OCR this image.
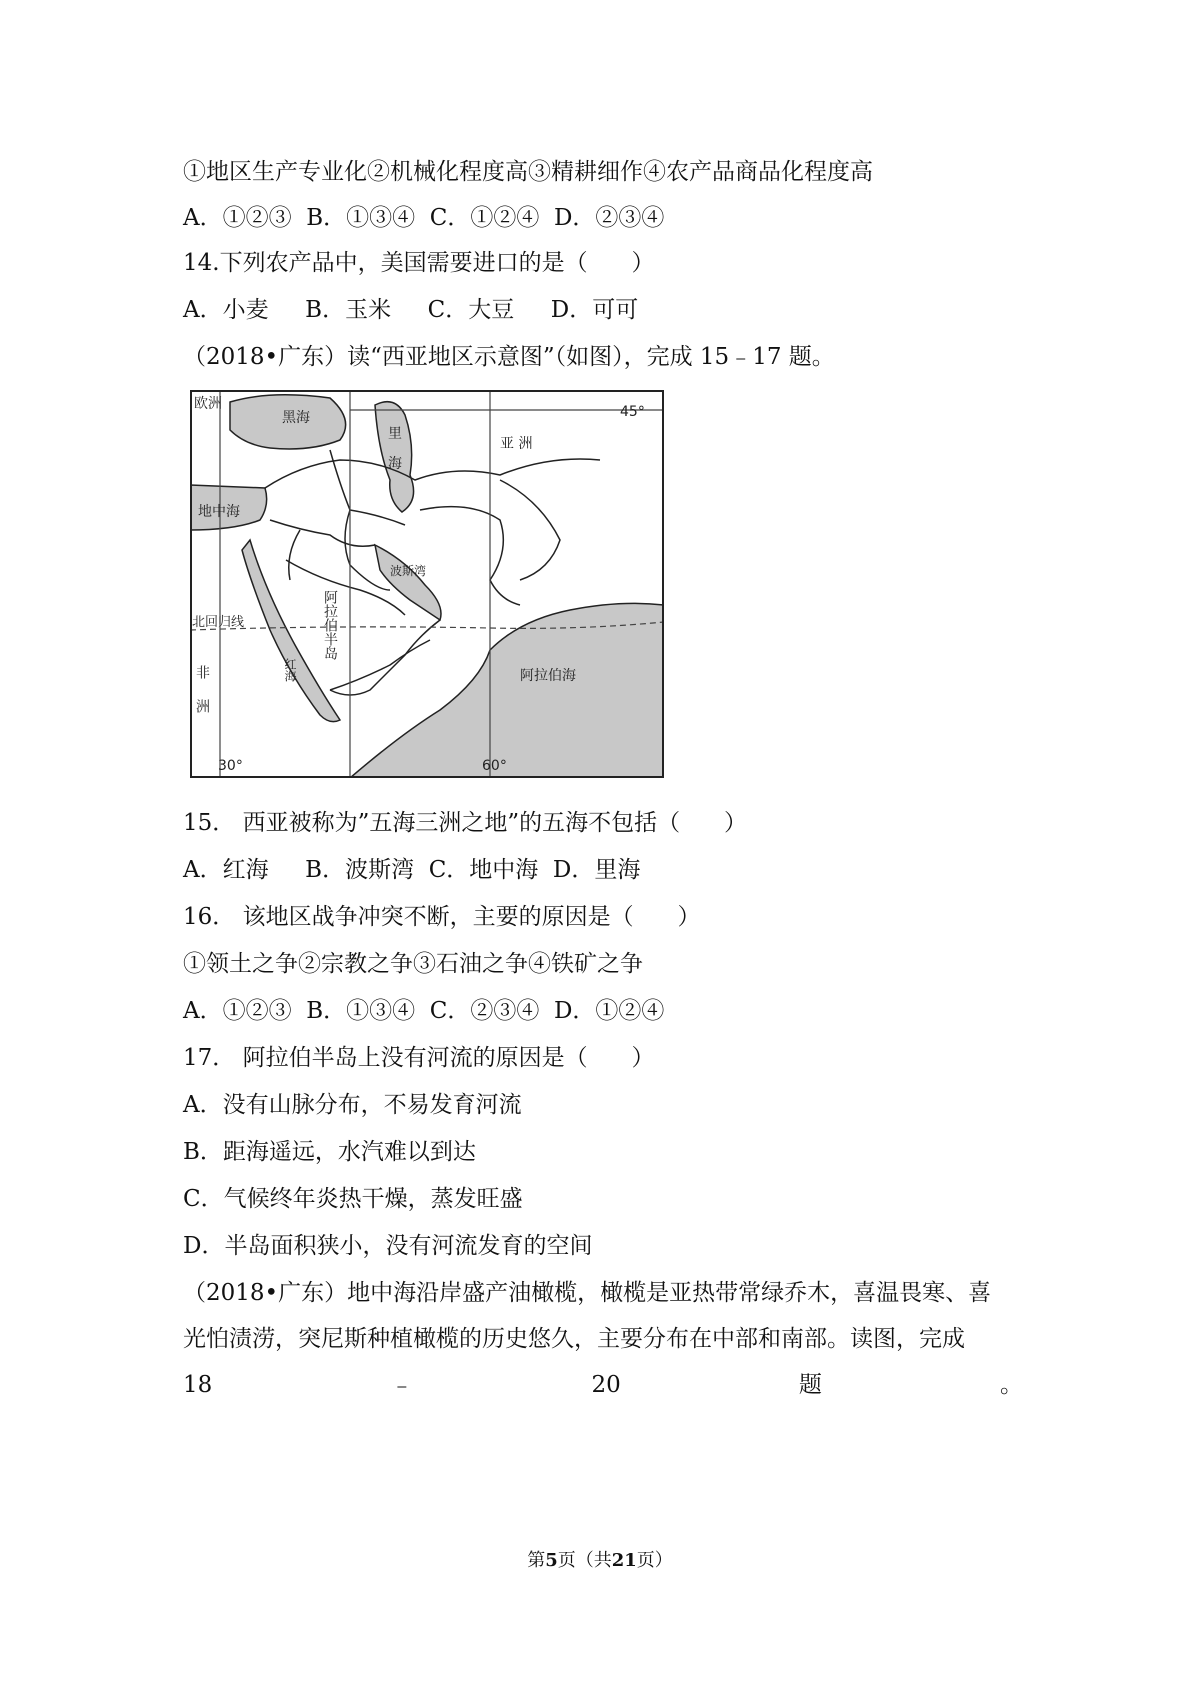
①地区生产专业化②机械化程度高③精耕细作④农产品商品化程度高
A．①②③  B．①③④  C．①②④  D．②③④
14.下列农产品中，美国需要进口的是（      ）
A．小麦     B．玉米     C．大豆     D．可可
（2018•广东）读“西亚地区示意图”（如图），完成 15﹣17 题。
欧洲
黑海
里
海
亚 洲
45°
地中海
波斯湾
北回归线	阿拉伯半岛
非洲	红海	阿拉伯海
30°	60°
15． 西亚被称为”五海三洲之地”的五海不包括（      ）
A．红海     B．波斯湾  C．地中海  D．里海
16． 该地区战争冲突不断，主要的原因是（      ）
①领土之争②宗教之争③石油之争④铁矿之争
A．①②③  B．①③④  C．②③④  D．①②④
17． 阿拉伯半岛上没有河流的原因是（      ）
A．没有山脉分布，不易发育河流
B．距海遥远，水汽难以到达
C．气候终年炎热干燥，蒸发旺盛
D．半岛面积狭小，没有河流发育的空间
（2018•广东）地中海沿岸盛产油橄榄，橄榄是亚热带常绿乔木，喜温畏寒、喜
光怕渍涝，突尼斯种植橄榄的历史悠久，主要分布在中部和南部。读图，完成
18	﹣	20	题	。
第5页（共21页）
